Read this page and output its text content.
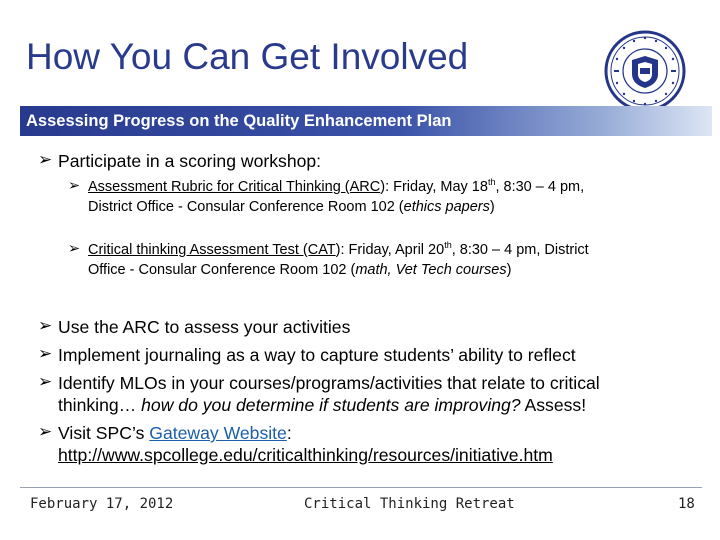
How You Can Get Involved
Assessing Progress on the Quality Enhancement Plan
➢ Participate in a scoring workshop:
➢ Assessment Rubric for Critical Thinking (ARC): Friday, May 18th, 8:30 – 4 pm,
District Office - Consular Conference Room 102 (ethics papers)
➢ Critical thinking Assessment Test (CAT): Friday, April 20th, 8:30 – 4 pm, District
Office - Consular Conference Room 102 (math, Vet Tech courses)
➢ Use the ARC to assess your activities
➢ Implement journaling as a way to capture students’ ability to reflect
➢ Identify MLOs in your courses/programs/activities that relate to critical
thinking… how do you determine if students are improving? Assess!
➢ Visit SPC’s Gateway Website:
http://www.spcollege.edu/criticalthinking/resources/initiative.htm
February 17, 2012	Critical Thinking Retreat	18
